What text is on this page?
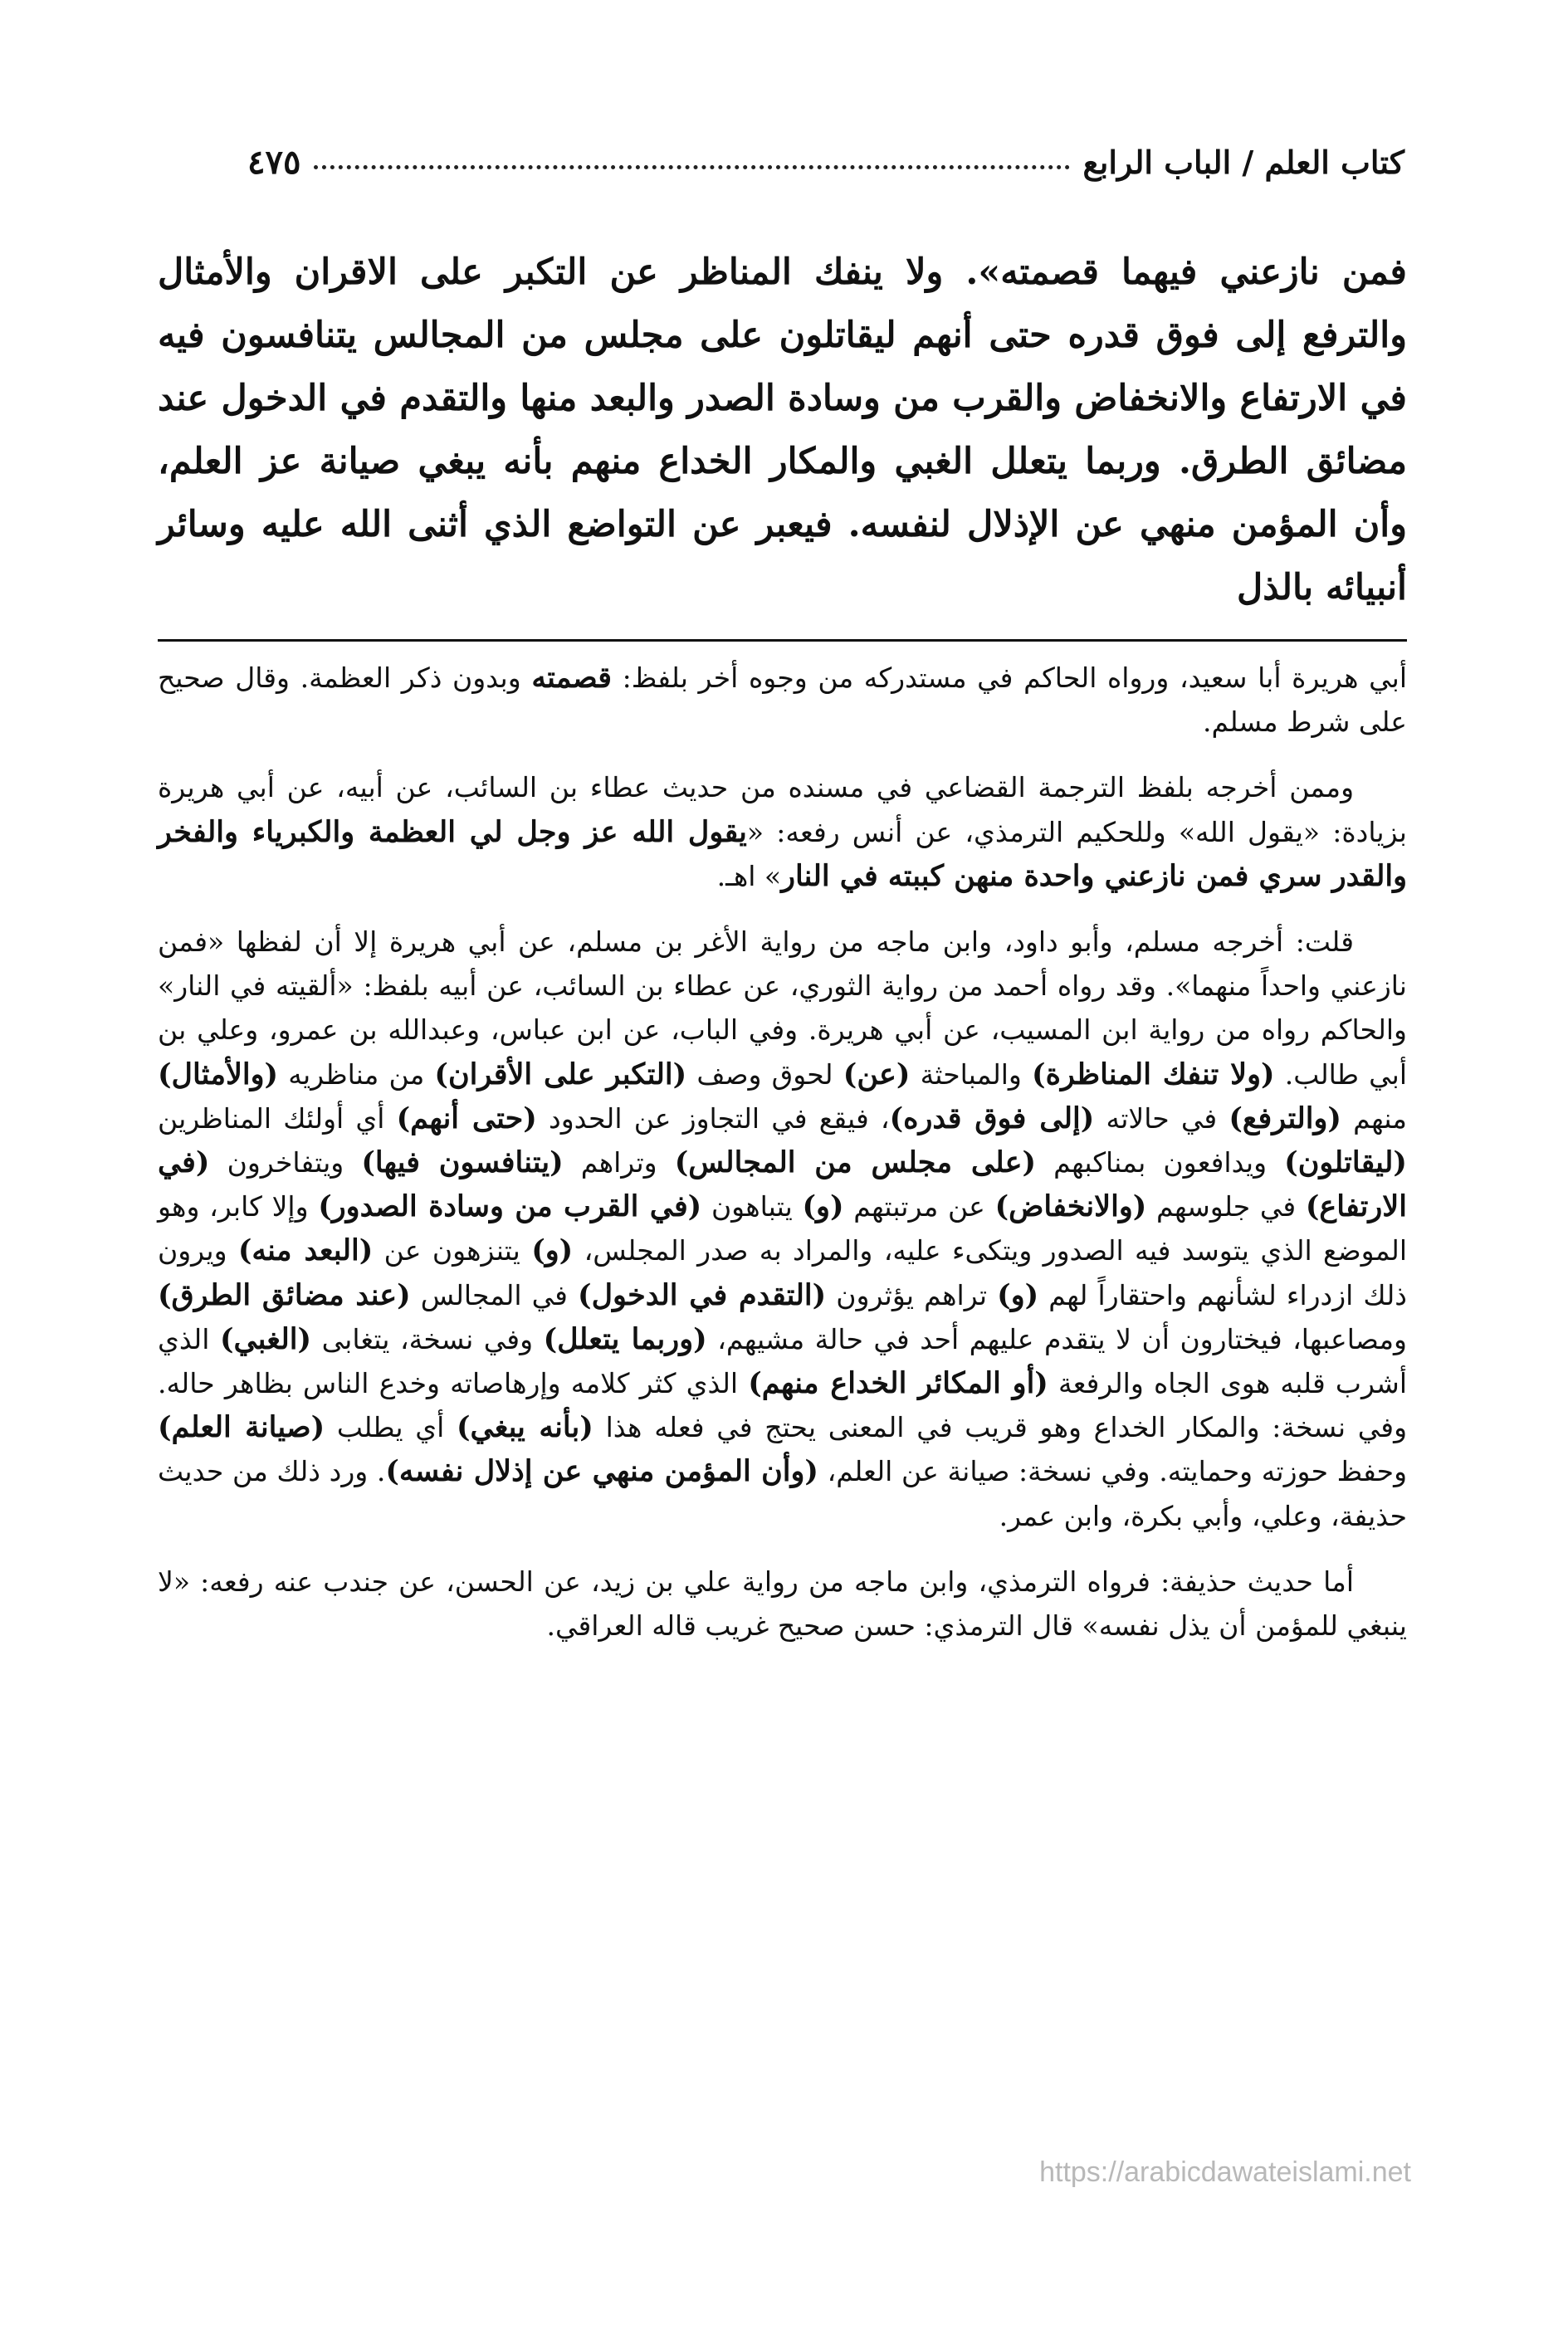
كتاب العلم / الباب الرابع
٤٧٥

فمن نازعني فيهما قصمته». ولا ينفك المناظر عن التكبر على الاقران والأمثال والترفع إلى فوق قدره حتى أنهم ليقاتلون على مجلس من المجالس يتنافسون فيه في الارتفاع والانخفاض والقرب من وسادة الصدر والبعد منها والتقدم في الدخول عند مضائق الطرق. وربما يتعلل الغبي والمكار الخداع منهم بأنه يبغي صيانة عز العلم، وأن المؤمن منهي عن الإذلال لنفسه. فيعبر عن التواضع الذي أثنى الله عليه وسائر أنبيائه بالذل

أبي هريرة أبا سعيد، ورواه الحاكم في مستدركه من وجوه أخر بلفظ: قصمته وبدون ذكر العظمة. وقال صحيح على شرط مسلم.

وممن أخرجه بلفظ الترجمة القضاعي في مسنده من حديث عطاء بن السائب، عن أبيه، عن أبي هريرة بزيادة: «يقول الله» وللحكيم الترمذي، عن أنس رفعه: «يقول الله عز وجل لي العظمة والكبرياء والفخر والقدر سري فمن نازعني واحدة منهن كببته في النار» اهـ.

قلت: أخرجه مسلم، وأبو داود، وابن ماجه من رواية الأغر بن مسلم، عن أبي هريرة إلا أن لفظها «فمن نازعني واحداً منهما». وقد رواه أحمد من رواية الثوري، عن عطاء بن السائب، عن أبيه بلفظ: «ألقيته في النار» والحاكم رواه من رواية ابن المسيب، عن أبي هريرة. وفي الباب، عن ابن عباس، وعبدالله بن عمرو، وعلي بن أبي طالب. (ولا تنفك المناظرة) والمباحثة (عن) لحوق وصف (التكبر على الأقران) من مناظريه (والأمثال) منهم (والترفع) في حالاته (إلى فوق قدره)، فيقع في التجاوز عن الحدود (حتى أنهم) أي أولئك المناظرين (ليقاتلون) ويدافعون بمناكبهم (على مجلس من المجالس) وتراهم (يتنافسون فيها) ويتفاخرون (في الارتفاع) في جلوسهم (والانخفاض) عن مرتبتهم (و) يتباهون (في القرب من وسادة الصدور) وإلا كابر، وهو الموضع الذي يتوسد فيه الصدور ويتكىء عليه، والمراد به صدر المجلس، (و) يتنزهون عن (البعد منه) ويرون ذلك ازدراء لشأنهم واحتقاراً لهم (و) تراهم يؤثرون (التقدم في الدخول) في المجالس (عند مضائق الطرق) ومصاعبها، فيختارون أن لا يتقدم عليهم أحد في حالة مشيهم، (وربما يتعلل) وفي نسخة، يتغابى (الغبي) الذي أشرب قلبه هوى الجاه والرفعة (أو المكائر الخداع منهم) الذي كثر كلامه وإرهاصاته وخدع الناس بظاهر حاله. وفي نسخة: والمكار الخداع وهو قريب في المعنى يحتج في فعله هذا (بأنه يبغي) أي يطلب (صيانة العلم) وحفظ حوزته وحمايته. وفي نسخة: صيانة عن العلم، (وأن المؤمن منهي عن إذلال نفسه). ورد ذلك من حديث حذيفة، وعلي، وأبي بكرة، وابن عمر.

أما حديث حذيفة: فرواه الترمذي، وابن ماجه من رواية علي بن زيد، عن الحسن، عن جندب عنه رفعه: «لا ينبغي للمؤمن أن يذل نفسه» قال الترمذي: حسن صحيح غريب قاله العراقي.

https://arabicdawateislami.net
